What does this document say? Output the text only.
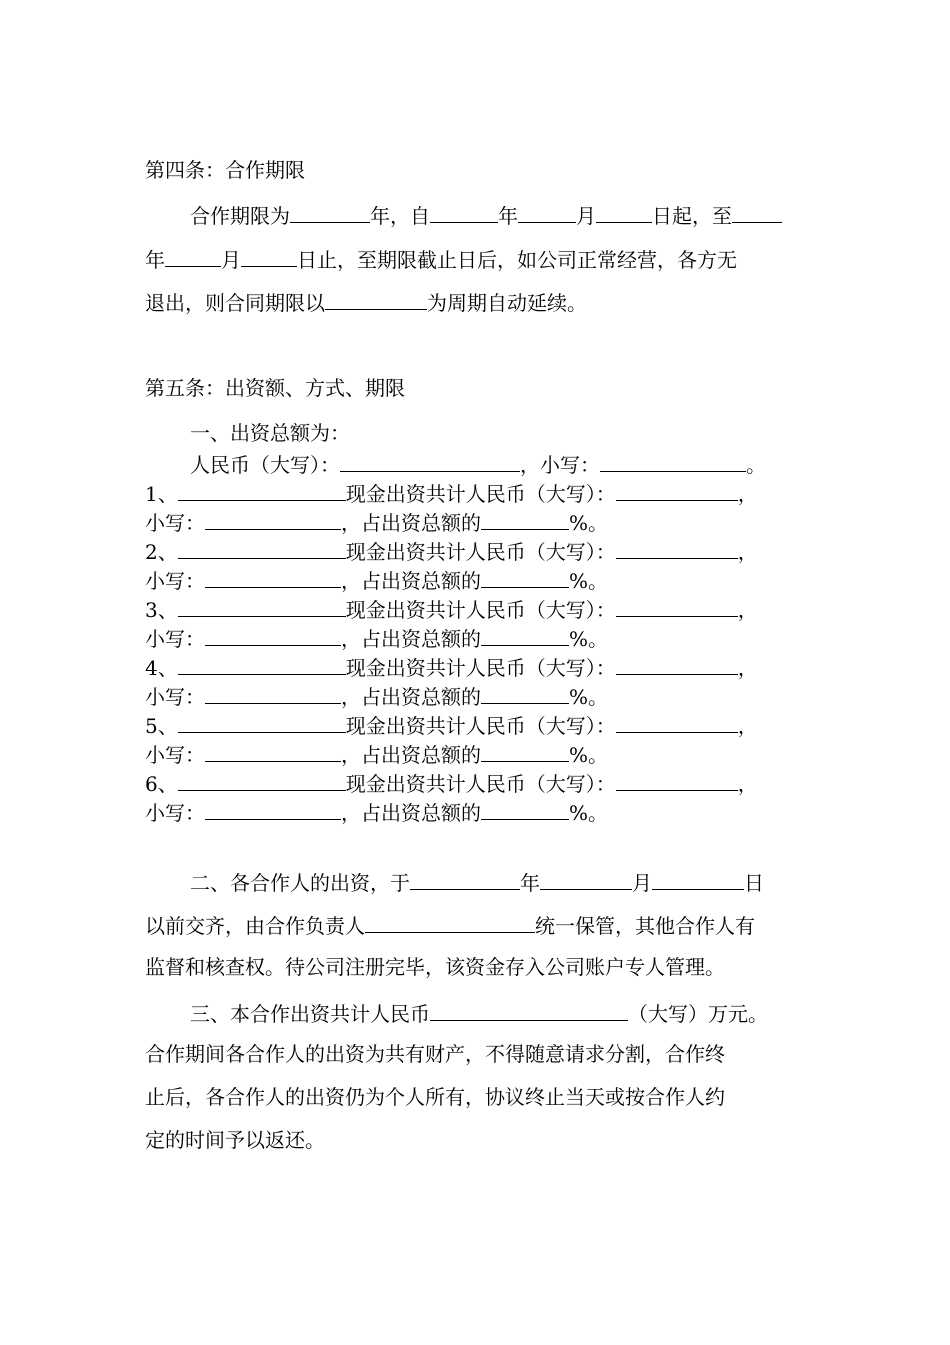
第四条：合作期限
合作期限为	年，自	年	月	日起，至
年	月	日止，至期限截止日后，如公司正常经营，各方无
退出，则合同期限以	为周期自动延续。
第五条：出资额、方式、期限
一、出资总额为：
人民币（大写）：	，小写：	。
1、	现金出资共计人民币（大写）：	，
小写：	，占出资总额的	%。
2、	现金出资共计人民币（大写）：	，
小写：	，占出资总额的	%。
3、	现金出资共计人民币（大写）：	，
小写：	，占出资总额的	%。
4、	现金出资共计人民币（大写）：	，
小写：	，占出资总额的	%。
5、	现金出资共计人民币（大写）：	，
小写：	，占出资总额的	%。
6、	现金出资共计人民币（大写）：	，
小写：	，占出资总额的	%。
二、各合作人的出资，于	年	月	日
以前交齐，由合作负责人	统一保管，其他合作人有
监督和核查权。待公司注册完毕，该资金存入公司账户专人管理。
三、本合作出资共计人民币	（大写）万元。
合作期间各合作人的出资为共有财产，不得随意请求分割，合作终
止后，各合作人的出资仍为个人所有，协议终止当天或按合作人约
定的时间予以返还。
